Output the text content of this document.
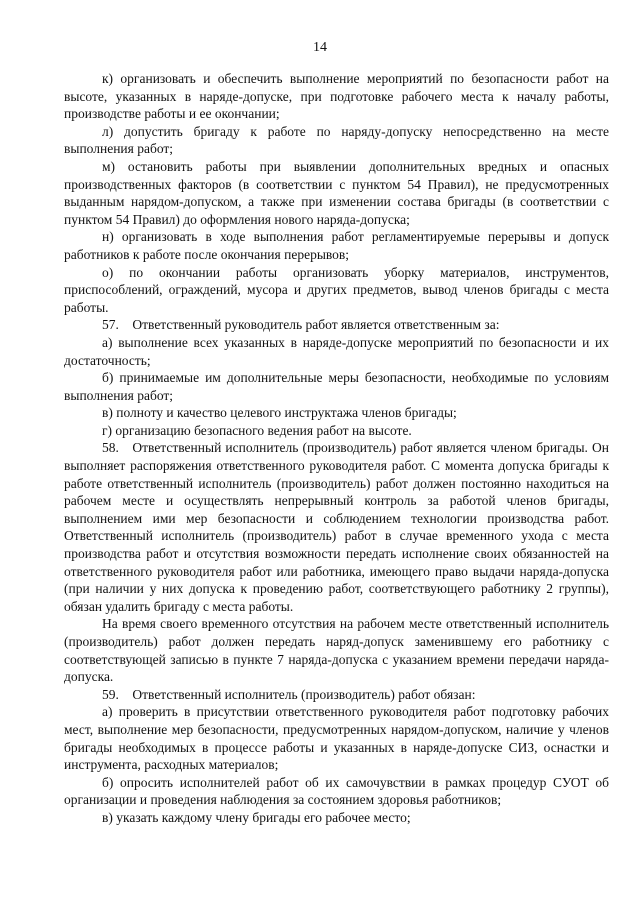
14

к) организовать и обеспечить выполнение мероприятий по безопасности работ на высоте, указанных в наряде-допуске, при подготовке рабочего места к началу работы, производстве работы и ее окончании;

л) допустить бригаду к работе по наряду-допуску непосредственно на месте выполнения работ;

м) остановить работы при выявлении дополнительных вредных и опасных производственных факторов (в соответствии с пунктом 54 Правил), не предусмотренных выданным нарядом-допуском, а также при изменении состава бригады (в соответствии с пунктом 54 Правил) до оформления нового наряда-допуска;

н) организовать в ходе выполнения работ регламентируемые перерывы и допуск работников к работе после окончания перерывов;

о) по окончании работы организовать уборку материалов, инструментов, приспособлений, ограждений, мусора и других предметов, вывод членов бригады с места работы.

57. Ответственный руководитель работ является ответственным за:

а) выполнение всех указанных в наряде-допуске мероприятий по безопасности и их достаточность;

б) принимаемые им дополнительные меры безопасности, необходимые по условиям выполнения работ;

в) полноту и качество целевого инструктажа членов бригады;

г) организацию безопасного ведения работ на высоте.

58. Ответственный исполнитель (производитель) работ является членом бригады. Он выполняет распоряжения ответственного руководителя работ. С момента допуска бригады к работе ответственный исполнитель (производитель) работ должен постоянно находиться на рабочем месте и осуществлять непрерывный контроль за работой членов бригады, выполнением ими мер безопасности и соблюдением технологии производства работ. Ответственный исполнитель (производитель) работ в случае временного ухода с места производства работ и отсутствия возможности передать исполнение своих обязанностей на ответственного руководителя работ или работника, имеющего право выдачи наряда-допуска (при наличии у них допуска к проведению работ, соответствующего работнику 2 группы), обязан удалить бригаду с места работы.

На время своего временного отсутствия на рабочем месте ответственный исполнитель (производитель) работ должен передать наряд-допуск заменившему его работнику с соответствующей записью в пункте 7 наряда-допуска с указанием времени передачи наряда-допуска.

59. Ответственный исполнитель (производитель) работ обязан:

а) проверить в присутствии ответственного руководителя работ подготовку рабочих мест, выполнение мер безопасности, предусмотренных нарядом-допуском, наличие у членов бригады необходимых в процессе работы и указанных в наряде-допуске СИЗ, оснастки и инструмента, расходных материалов;

б) опросить исполнителей работ об их самочувствии в рамках процедур СУОТ об организации и проведения наблюдения за состоянием здоровья работников;

в) указать каждому члену бригады его рабочее место;
